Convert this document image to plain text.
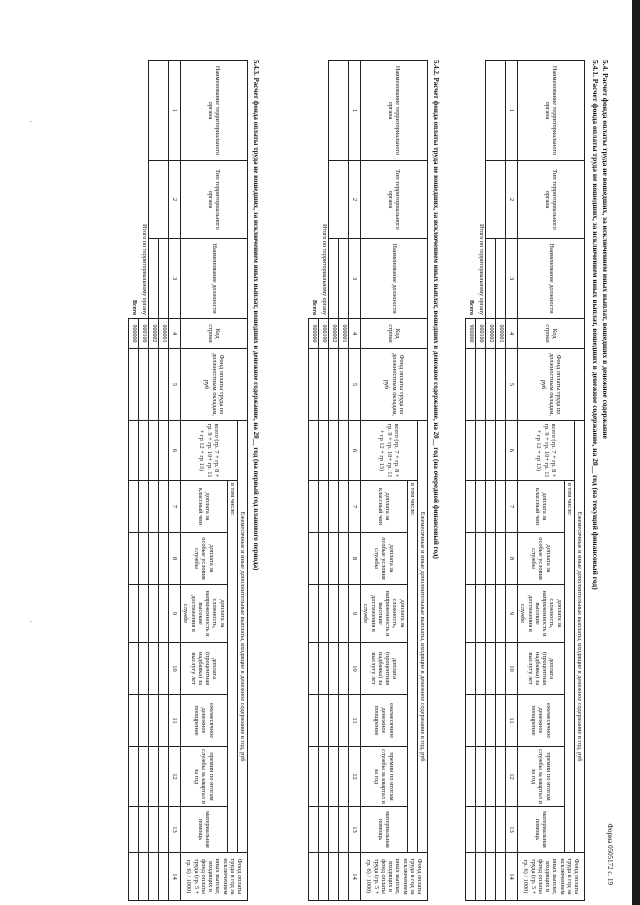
5.4. Расчет фонда оплаты труда не вошедших, за исключением иных выплат, вошедших в денежное содержание
5.4.1. Расчет фонда оплаты труда не вошедших, за исключением иных выплат, вошедших в денежное содержание, на 20__ год (на текущий финансовый год)
Форма 0505172 с. 19
Наименование территориального органа	Тип территориального органа	Наименование должности	Код строки	Фонд оплаты труда по должностным окладам, руб	Ежемесячные и иные дополнительные выплаты, входящие в денежное содержание в год, руб								Фонд оплаты труда в год за исключением иных выплат, входящих в фонд оплаты труда (гр. 5 + гр. 6) / 1000)
					всего (гр. 7 + гр. 8 + гр. 9 + гр. 10+ гр. 11 + гр 12 + гр 13)	в том числе:							
						доплата за классный чин	доплата за особые условия службы	доплата за сложность, напряженность и высокие достижения в службе	доплата (процентная надбавка) за выслугу лет	ежемесячное денежное поощрение	премии по итогам службы за квартал и за год	материальная помощь	
1	2	3	4	5	6	7	8	9	10	11	12	13	14
			000001										
			000002										
Итого по территориальному органу			000100										
Всего			900000										
5.4.2. Расчет фонда оплаты труда не вошедших, за исключением иных выплат, вошедших в денежное содержание, на 20__ год (на очередной финансовый год)
Наименование территориального органа	Тип территориального органа	Наименование должности	Код строки	Фонд оплаты труда по должностным окладам, руб	Ежемесячные и иные дополнительные выплаты, входящие в денежное содержание в год, руб								Фонд оплаты труда в год за исключением иных выплат, входящих в фонд оплаты труда (гр. 5 + гр. 6) / 1000)
					всего (гр. 7 + гр. 8 + гр. 9 + гр. 10+ гр. 11 + гр 12 + гр 13)	в том числе:							
						доплата за классный чин	доплата за особые условия службы	доплата за сложность, напряженность и высокие достижения в службе	доплата (процентная надбавка) за выслугу лет	ежемесячное денежное поощрение	премии по итогам службы за квартал и за год	материальная помощь	
1	2	3	4	5	6	7	8	9	10	11	12	13	14
			000001										
			000002										
Итого по территориальному органу			000100										
Всего			900000										
5.4.3. Расчет фонда оплаты труда не вошедших, за исключением иных выплат, вошедших в денежное содержание, на 20__ год (на первый год планового периода)
Наименование территориального органа	Тип территориального органа	Наименование должности	Код строки	Фонд оплаты труда по должностным окладам, руб	Ежемесячные и иные дополнительные выплаты, входящие в денежное содержание в год, руб								Фонд оплаты труда в год за исключением иных выплат, входящих в фонд оплаты труда (гр. 5 + гр. 6) / 1000)
					всего (гр. 7 + гр. 8 + гр. 9 + гр. 10+ гр. 11 + гр 12 + гр 13)	в том числе:							
						доплата за классный чин	доплата за особые условия службы	доплата за сложность, напряженность и высокие достижения в службе	доплата (процентная надбавка) за выслугу лет	ежемесячное денежное поощрение	премии по итогам службы за квартал и за год	материальная помощь	
1	2	3	4	5	6	7	8	9	10	11	12	13	14
			000001										
			000002										
Итого по территориальному органу			000100										
Всего			900000										
·
·
